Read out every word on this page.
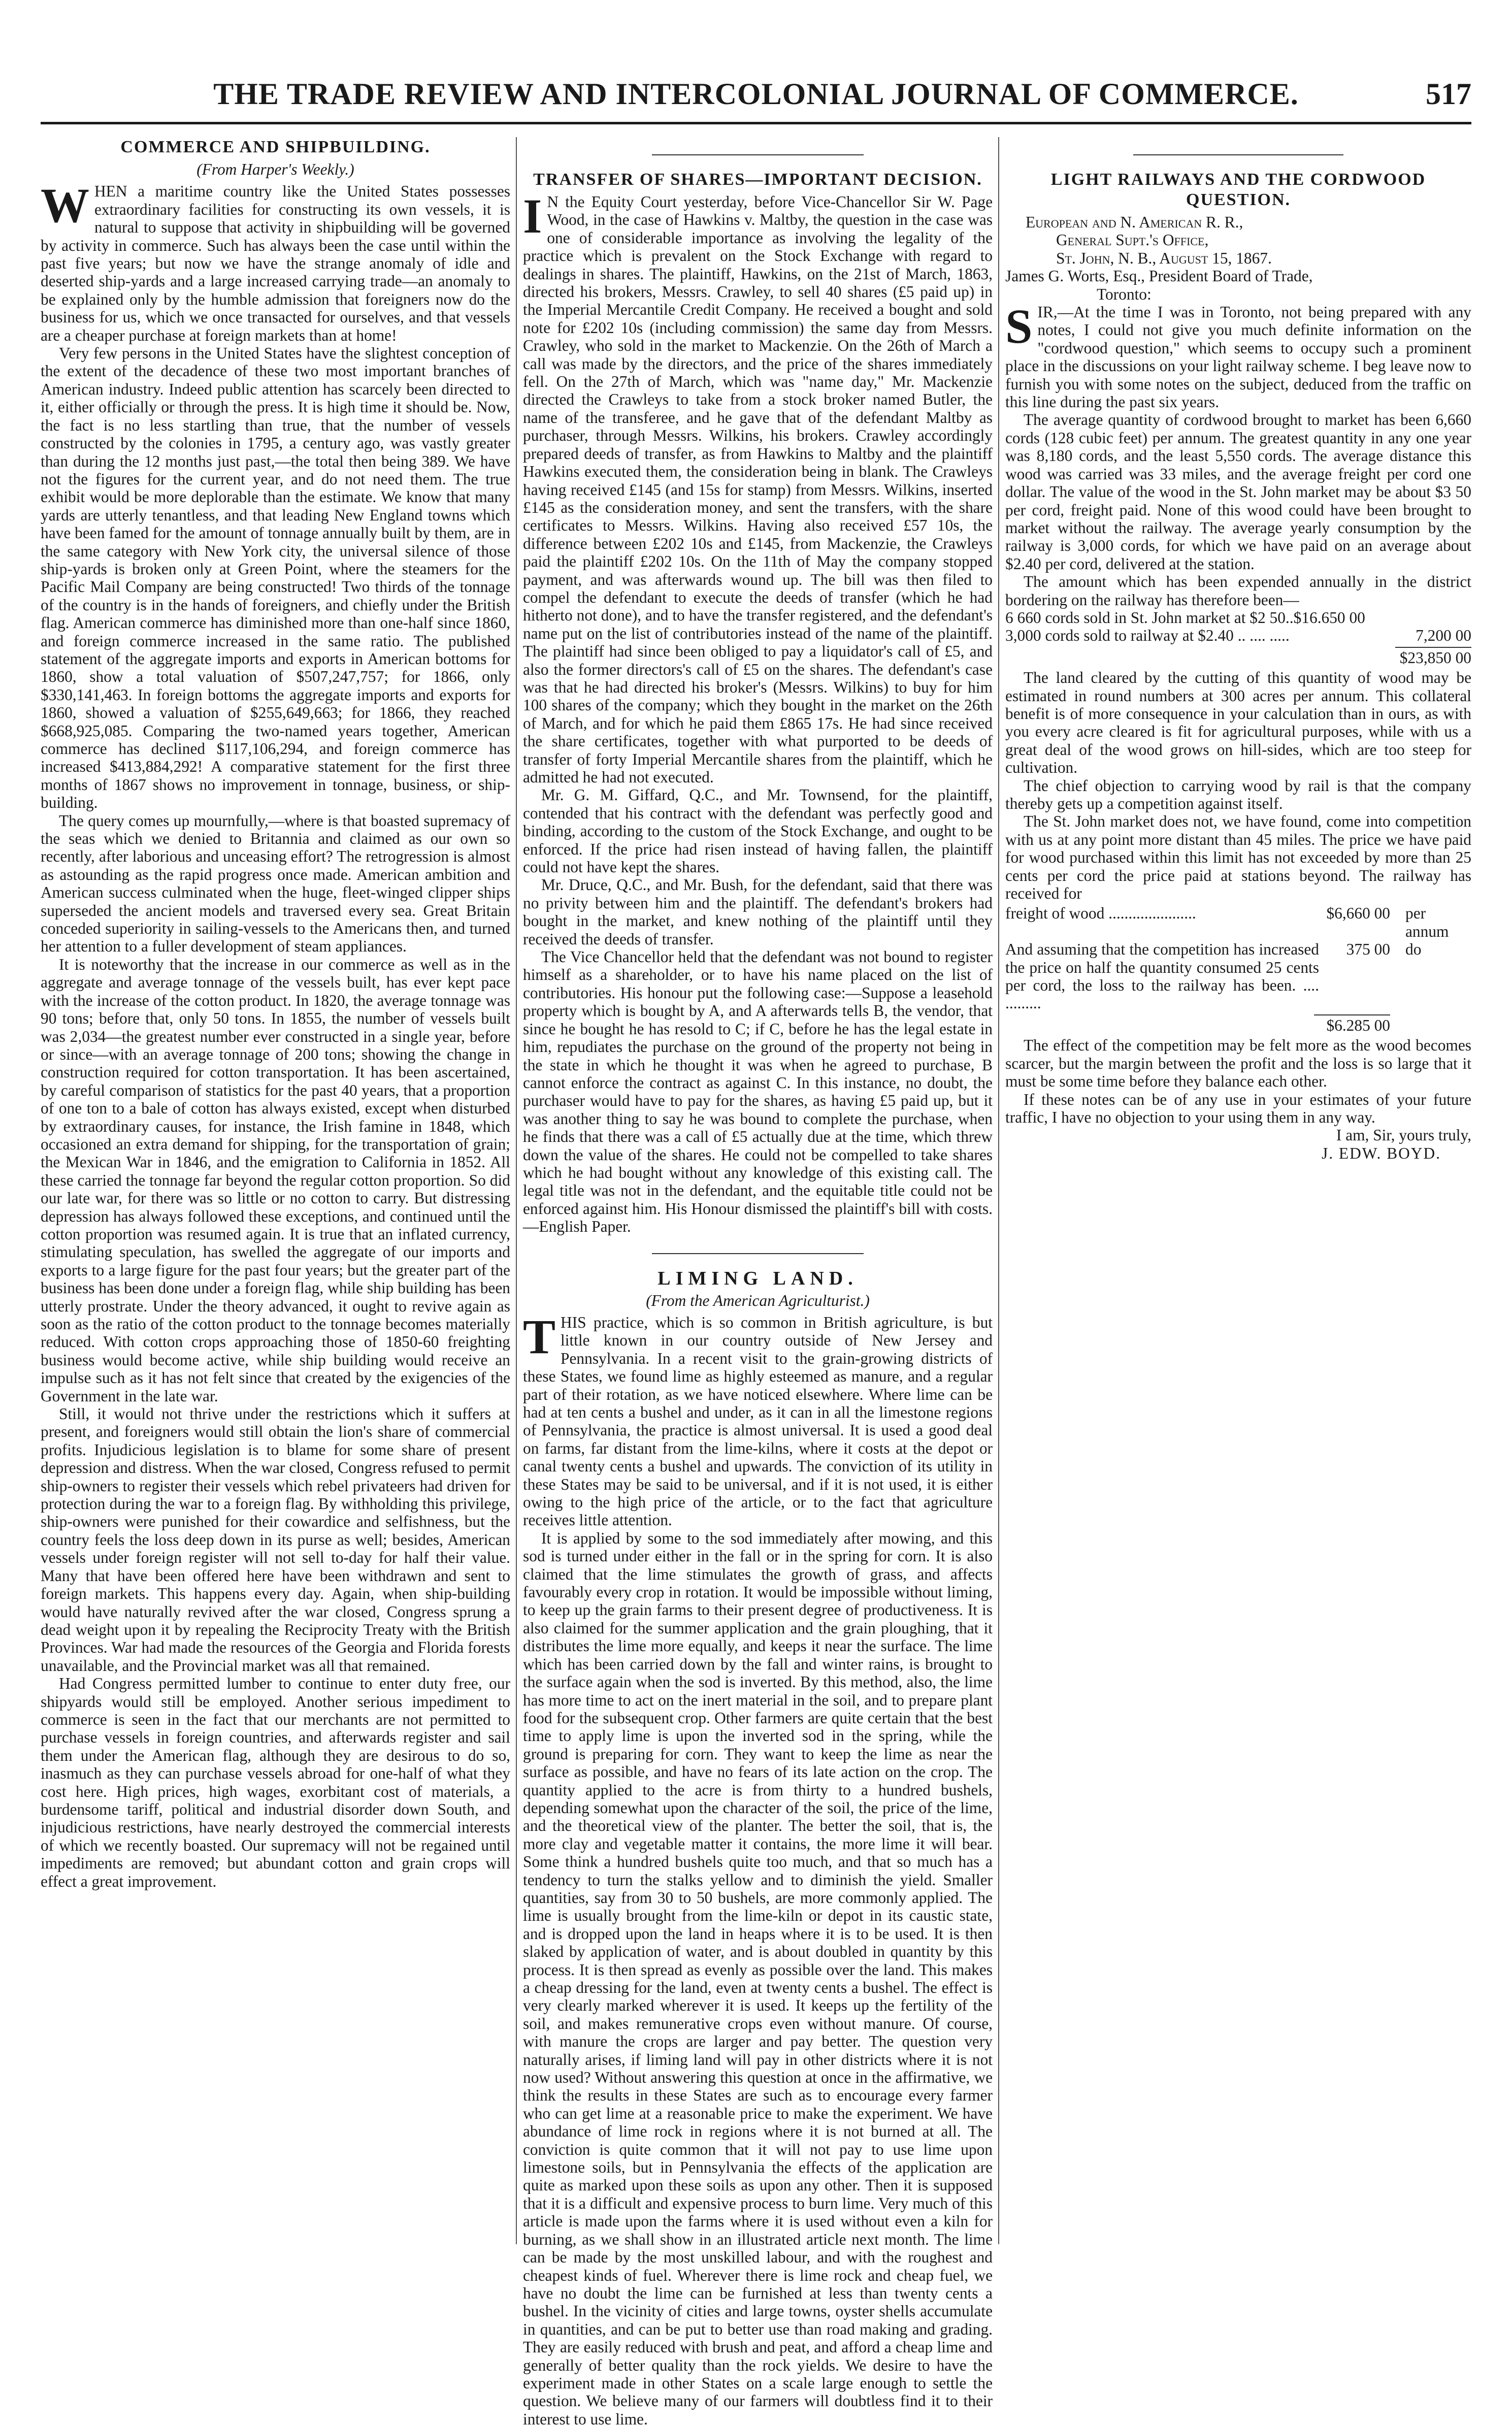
THE TRADE REVIEW AND INTERCOLONIAL JOURNAL OF COMMERCE.	517
COMMERCE AND SHIPBUILDING.
(From Harper's Weekly.)

WHEN a maritime country like the United States possesses extraordinary facilities for constructing its own vessels, it is natural to suppose that activity in shipbuilding will be governed by activity in commerce. Such has always been the case until within the past five years; but now we have the strange anomaly of idle and deserted ship-yards and a large increased carrying trade—an anomaly to be explained only by the humble admission that foreigners now do the business for us, which we once transacted for ourselves, and that vessels are a cheaper purchase at foreign markets than at home!

Very few persons in the United States have the slightest conception of the extent of the decadence of these two most important branches of American industry. Indeed public attention has scarcely been directed to it, either officially or through the press. It is high time it should be. Now, the fact is no less startling than true, that the number of vessels constructed by the colonies in 1795, a century ago, was vastly greater than during the 12 months just past,—the total then being 389. We have not the figures for the current year, and do not need them. The true exhibit would be more deplorable than the estimate. We know that many yards are utterly tenantless, and that leading New England towns which have been famed for the amount of tonnage annually built by them, are in the same category with New York city, the universal silence of those ship-yards is broken only at Green Point, where the steamers for the Pacific Mail Company are being constructed! Two thirds of the tonnage of the country is in the hands of foreigners, and chiefly under the British flag. American commerce has diminished more than one-half since 1860, and foreign commerce increased in the same ratio. The published statement of the aggregate imports and exports in American bottoms for 1860, show a total valuation of $507,247,757; for 1866, only $330,141,463. In foreign bottoms the aggregate imports and exports for 1860, showed a valuation of $255,649,663; for 1866, they reached $668,925,085. Comparing the two-named years together, American commerce has declined $117,106,294, and foreign commerce has increased $413,884,292! A comparative statement for the first three months of 1867 shows no improvement in tonnage, business, or ship-building.

The query comes up mournfully,—where is that boasted supremacy of the seas which we denied to Britannia and claimed as our own so recently, after laborious and unceasing effort? The retrogression is almost as astounding as the rapid progress once made. American ambition and American success culminated when the huge, fleet-winged clipper ships superseded the ancient models and traversed every sea. Great Britain conceded superiority in sailing-vessels to the Americans then, and turned her attention to a fuller development of steam appliances.

It is noteworthy that the increase in our commerce as well as in the aggregate and average tonnage of the vessels built, has ever kept pace with the increase of the cotton product. In 1820, the average tonnage was 90 tons; before that, only 50 tons. In 1855, the number of vessels built was 2,034—the greatest number ever constructed in a single year, before or since—with an average tonnage of 200 tons; showing the change in construction required for cotton transportation. It has been ascertained, by careful comparison of statistics for the past 40 years, that a proportion of one ton to a bale of cotton has always existed, except when disturbed by extraordinary causes, for instance, the Irish famine in 1848, which occasioned an extra demand for shipping, for the transportation of grain; the Mexican War in 1846, and the emigration to California in 1852. All these carried the tonnage far beyond the regular cotton proportion. So did our late war, for there was so little or no cotton to carry. But distressing depression has always followed these exceptions, and continued until the cotton proportion was resumed again. It is true that an inflated currency, stimulating speculation, has swelled the aggregate of our imports and exports to a large figure for the past four years; but the greater part of the business has been done under a foreign flag, while ship building has been utterly prostrate. Under the theory advanced, it ought to revive again as soon as the ratio of the cotton product to the tonnage becomes materially reduced. With cotton crops approaching those of 1850-60 freighting business would become active, while ship building would receive an impulse such as it has not felt since that created by the exigencies of the Government in the late war.

Still, it would not thrive under the restrictions which it suffers at present, and foreigners would still obtain the lion's share of commercial profits. Injudicious legislation is to blame for some share of present depression and distress. When the war closed, Congress refused to permit ship-owners to register their vessels which rebel privateers had driven for protection during the war to a foreign flag. By withholding this privilege, ship-owners were punished for their cowardice and selfishness, but the country feels the loss deep down in its purse as well; besides, American vessels under foreign register will not sell to-day for half their value. Many that have been offered here have been withdrawn and sent to foreign markets. This happens every day. Again, when ship-building would have naturally revived after the war closed, Congress sprung a dead weight upon it by repealing the Reciprocity Treaty with the British Provinces. War had made the resources of the Georgia and Florida forests unavailable, and the Provincial market was all that remained.

Had Congress permitted lumber to continue to enter duty free, our shipyards would still be employed. Another serious impediment to commerce is seen in the fact that our merchants are not permitted to purchase vessels in foreign countries, and afterwards register and sail them under the American flag, although they are desirous to do so, inasmuch as they can purchase vessels abroad for one-half of what they cost here. High prices, high wages, exorbitant cost of materials, a burdensome tariff, political and industrial disorder down South, and injudicious restrictions, have nearly destroyed the commercial interests of which we recently boasted. Our supremacy will not be regained until impediments are removed; but abundant cotton and grain crops will effect a great improvement.

TRANSFER OF SHARES—IMPORTANT DECISION.

I N the Equity Court yesterday, before Vice-Chancellor Sir W. Page Wood, in the case of Hawkins v. Maltby, the question in the case was one of considerable importance as involving the legality of the practice which is prevalent on the Stock Exchange with regard to dealings in shares. The plaintiff, Hawkins, on the 21st of March, 1863, directed his brokers, Messrs. Crawley, to sell 40 shares (£5 paid up) in the Imperial Mercantile Credit Company. He received a bought and sold note for £202 10s (including commission) the same day from Messrs. Crawley, who sold in the market to Mackenzie. On the 26th of March a call was made by the directors, and the price of the shares immediately fell. On the 27th of March, which was "name day," Mr. Mackenzie directed the Crawleys to take from a stock broker named Butler, the name of the transferee, and he gave that of the defendant Maltby as purchaser, through Messrs. Wilkins, his brokers. Crawley accordingly prepared deeds of transfer, as from Hawkins to Maltby and the plaintiff Hawkins executed them, the consideration being in blank. The Crawleys having received £145 (and 15s for stamp) from Messrs. Wilkins, inserted £145 as the consideration money, and sent the transfers, with the share certificates to Messrs. Wilkins. Having also received £57 10s, the difference between £202 10s and £145, from Mackenzie, the Crawleys paid the plaintiff £202 10s. On the 11th of May the company stopped payment, and was afterwards wound up. The bill was then filed to compel the defendant to execute the deeds of transfer (which he had hitherto not done), and to have the transfer registered, and the defendant's name put on the list of contributories instead of the name of the plaintiff. The plaintiff had since been obliged to pay a liquidator's call of £5, and also the former directors's call of £5 on the shares. The defendant's case was that he had directed his broker's (Messrs. Wilkins) to buy for him 100 shares of the company; which they bought in the market on the 26th of March, and for which he paid them £865 17s. He had since received the share certificates, together with what purported to be deeds of transfer of forty Imperial Mercantile shares from the plaintiff, which he admitted he had not executed.

Mr. G. M. Giffard, Q.C., and Mr. Townsend, for the plaintiff, contended that his contract with the defendant was perfectly good and binding, according to the custom of the Stock Exchange, and ought to be enforced. If the price had risen instead of having fallen, the plaintiff could not have kept the shares.

Mr. Druce, Q.C., and Mr. Bush, for the defendant, said that there was no privity between him and the plaintiff. The defendant's brokers had bought in the market, and knew nothing of the plaintiff until they received the deeds of transfer.

The Vice Chancellor held that the defendant was not bound to register himself as a shareholder, or to have his name placed on the list of contributories. His honour put the following case:—Suppose a leasehold property which is bought by A, and A afterwards tells B, the vendor, that since he bought he has resold to C; if C, before he has the legal estate in him, repudiates the purchase on the ground of the property not being in the state in which he thought it was when he agreed to purchase, B cannot enforce the contract as against C. In this instance, no doubt, the purchaser would have to pay for the shares, as having £5 paid up, but it was another thing to say he was bound to complete the purchase, when he finds that there was a call of £5 actually due at the time, which threw down the value of the shares. He could not be compelled to take shares which he had bought without any knowledge of this existing call. The legal title was not in the defendant, and the equitable title could not be enforced against him. His Honour dismissed the plaintiff's bill with costs.—English Paper.

LIMING LAND.
(From the American Agriculturist.)

THIS practice, which is so common in British agriculture, is but little known in our country outside of New Jersey and Pennsylvania. In a recent visit to the grain-growing districts of these States, we found lime as highly esteemed as manure, and a regular part of their rotation, as we have noticed elsewhere. Where lime can be had at ten cents a bushel and under, as it can in all the limestone regions of Pennsylvania, the practice is almost universal. It is used a good deal on farms, far distant from the lime-kilns, where it costs at the depot or canal twenty cents a bushel and upwards. The conviction of its utility in these States may be said to be universal, and if it is not used, it is either owing to the high price of the article, or to the fact that agriculture receives little attention.

It is applied by some to the sod immediately after mowing, and this sod is turned under either in the fall or in the spring for corn. It is also claimed that the lime stimulates the growth of grass, and affects favourably every crop in rotation. It would be impossible without liming, to keep up the grain farms to their present degree of productiveness. It is also claimed for the summer application and the grain ploughing, that it distributes the lime more equally, and keeps it near the surface. The lime which has been carried down by the fall and winter rains, is brought to the surface again when the sod is inverted. By this method, also, the lime has more time to act on the inert material in the soil, and to prepare plant food for the subsequent crop. Other farmers are quite certain that the best time to apply lime is upon the inverted sod in the spring, while the ground is preparing for corn. They want to keep the lime as near the surface as possible, and have no fears of its late action on the crop. The quantity applied to the acre is from thirty to a hundred bushels, depending somewhat upon the character of the soil, the price of the lime, and the theoretical view of the planter. The better the soil, that is, the more clay and vegetable matter it contains, the more lime it will bear. Some think a hundred bushels quite too much, and that so much has a tendency to turn the stalks yellow and to diminish the yield. Smaller quantities, say from 30 to 50 bushels, are more commonly applied. The lime is usually brought from the lime-kiln or depot in its caustic state, and is dropped upon the land in heaps where it is to be used. It is then slaked by application of water, and is about doubled in quantity by this process. It is then spread as evenly as possible over the land. This makes a cheap dressing for the land, even at twenty cents a bushel. The effect is very clearly marked wherever it is used. It keeps up the fertility of the soil, and makes remunerative crops even without manure. Of course, with manure the crops are larger and pay better. The question very naturally arises, if liming land will pay in other districts where it is not now used? Without answering this question at once in the affirmative, we think the results in these States are such as to encourage every farmer who can get lime at a reasonable price to make the experiment. We have abundance of lime rock in regions where it is not burned at all. The conviction is quite common that it will not pay to use lime upon limestone soils, but in Pennsylvania the effects of the application are quite as marked upon these soils as upon any other. Then it is supposed that it is a difficult and expensive process to burn lime. Very much of this article is made upon the farms where it is used without even a kiln for burning, as we shall show in an illustrated article next month. The lime can be made by the most unskilled labour, and with the roughest and cheapest kinds of fuel. Wherever there is lime rock and cheap fuel, we have no doubt the lime can be furnished at less than twenty cents a bushel. In the vicinity of cities and large towns, oyster shells accumulate in quantities, and can be put to better use than road making and grading. They are easily reduced with brush and peat, and afford a cheap lime and generally of better quality than the rock yields. We desire to have the experiment made in other States on a scale large enough to settle the question. We believe many of our farmers will doubtless find it to their interest to use lime.

LIGHT RAILWAYS AND THE CORDWOOD QUESTION.
European and N. American R. R.,
General Supt.'s Office,
St. John, N. B., August 15, 1867.

James G. Worts, Esq., President Board of Trade,

Toronto:

SIR,—At the time I was in Toronto, not being prepared with any notes, I could not give you much definite information on the "cordwood question," which seems to occupy such a prominent place in the discussions on your light railway scheme. I beg leave now to furnish you with some notes on the subject, deduced from the traffic on this line during the past six years.

The average quantity of cordwood brought to market has been 6,660 cords (128 cubic feet) per annum. The greatest quantity in any one year was 8,180 cords, and the least 5,550 cords. The average distance this wood was carried was 33 miles, and the average freight per cord one dollar. The value of the wood in the St. John market may be about $3 50 per cord, freight paid. None of this wood could have been brought to market without the railway. The average yearly consumption by the railway is 3,000 cords, for which we have paid on an average about $2.40 per cord, delivered at the station.

The amount which has been expended annually in the district bordering on the railway has therefore been—

6 660 cords sold in St. John market at $2 50..$16.650 00
3,000 cords sold to railway at $2.40 .. .... .....	7,200 00
$23,850 00

The land cleared by the cutting of this quantity of wood may be estimated in round numbers at 300 acres per annum. This collateral benefit is of more consequence in your calculation than in ours, as with you every acre cleared is fit for agricultural purposes, while with us a great deal of the wood grows on hill-sides, which are too steep for cultivation.

The chief objection to carrying wood by rail is that the company thereby gets up a competition against itself.

The St. John market does not, we have found, come into competition with us at any point more distant than 45 miles. The price we have paid for wood purchased within this limit has not exceeded by more than 25 cents per cord the price paid at stations beyond. The railway has received for

freight of wood ......................	$6,660 00 per annum
And assuming that the competition has increased the price on half the quantity consumed 25 cents per cord, the loss to the railway has been. .... .........
375 00 do
$6.285 00

The effect of the competition may be felt more as the wood becomes scarcer, but the margin between the profit and the loss is so large that it must be some time before they balance each other.

If these notes can be of any use in your estimates of your future traffic, I have no objection to your using them in any way.

I am, Sir, yours truly,

J. EDW. BOYD.
